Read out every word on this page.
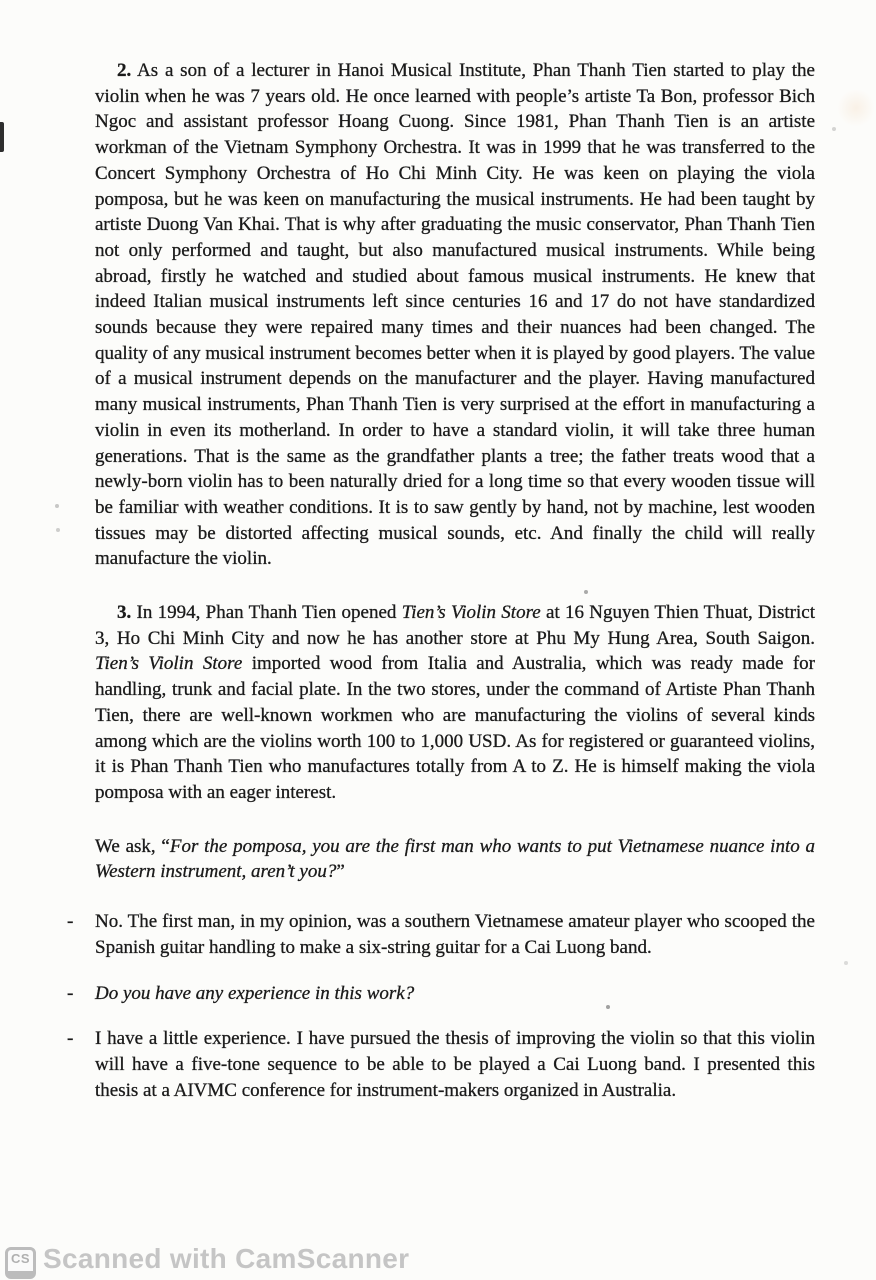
2. As a son of a lecturer in Hanoi Musical Institute, Phan Thanh Tien started to play the violin when he was 7 years old. He once learned with people’s artiste Ta Bon, professor Bich Ngoc and assistant professor Hoang Cuong. Since 1981, Phan Thanh Tien is an artiste workman of the Vietnam Symphony Orchestra. It was in 1999 that he was transferred to the Concert Symphony Orchestra of Ho Chi Minh City. He was keen on playing the viola pomposa, but he was keen on manufacturing the musical instruments. He had been taught by artiste Duong Van Khai. That is why after graduating the music conservator, Phan Thanh Tien not only performed and taught, but also manufactured musical instruments. While being abroad, firstly he watched and studied about famous musical instruments. He knew that indeed Italian musical instruments left since centuries 16 and 17 do not have standardized sounds because they were repaired many times and their nuances had been changed. The quality of any musical instrument becomes better when it is played by good players. The value of a musical instrument depends on the manufacturer and the player. Having manufactured many musical instruments, Phan Thanh Tien is very surprised at the effort in manufacturing a violin in even its motherland. In order to have a standard violin, it will take three human generations. That is the same as the grandfather plants a tree; the father treats wood that a newly-born violin has to been naturally dried for a long time so that every wooden tissue will be familiar with weather conditions. It is to saw gently by hand, not by machine, lest wooden tissues may be distorted affecting musical sounds, etc. And finally the child will really manufacture the violin.

3. In 1994, Phan Thanh Tien opened Tien’s Violin Store at 16 Nguyen Thien Thuat, District 3, Ho Chi Minh City and now he has another store at Phu My Hung Area, South Saigon. Tien’s Violin Store imported wood from Italia and Australia, which was ready made for handling, trunk and facial plate. In the two stores, under the command of Artiste Phan Thanh Tien, there are well-known workmen who are manufacturing the violins of several kinds among which are the violins worth 100 to 1,000 USD. As for registered or guaranteed violins, it is Phan Thanh Tien who manufactures totally from A to Z. He is himself making the viola pomposa with an eager interest.

We ask, “For the pomposa, you are the first man who wants to put Vietnamese nuance into a Western instrument, aren’t you?”

-	No. The first man, in my opinion, was a southern Vietnamese amateur player who scooped the Spanish guitar handling to make a six-string guitar for a Cai Luong band.
-	Do you have any experience in this work?
-	I have a little experience. I have pursued the thesis of improving the violin so that this violin will have a five-tone sequence to be able to be played a Cai Luong band. I presented this thesis at a AIVMC conference for instrument-makers organized in Australia.
CS Scanned with CamScanner
